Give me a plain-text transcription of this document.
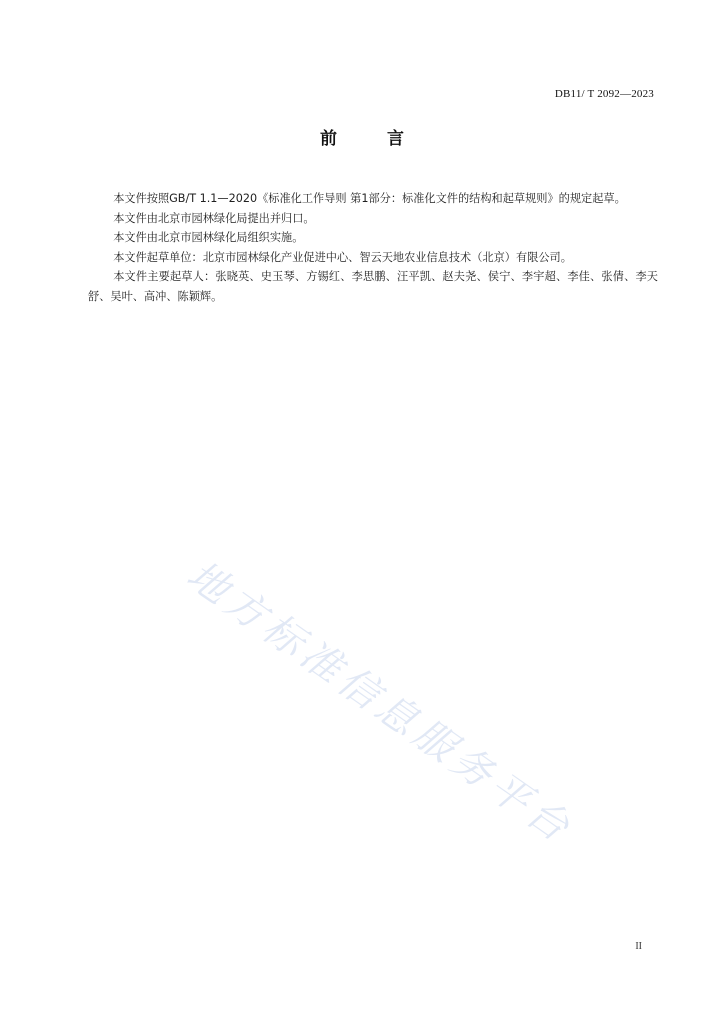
DB11/ T 2092—2023
前 言

本文件按照GB/T 1.1—2020《标准化工作导则 第1部分：标准化文件的结构和起草规则》的规定起草。

本文件由北京市园林绿化局提出并归口。

本文件由北京市园林绿化局组织实施。

本文件起草单位：北京市园林绿化产业促进中心、智云天地农业信息技术（北京）有限公司。

本文件主要起草人：张晓英、史玉琴、方锡红、李思鹏、汪平凯、赵夫尧、侯宁、李宇超、李佳、张倩、李天舒、吴叶、高冲、陈颖辉。

地方标准信息服务平台
II
